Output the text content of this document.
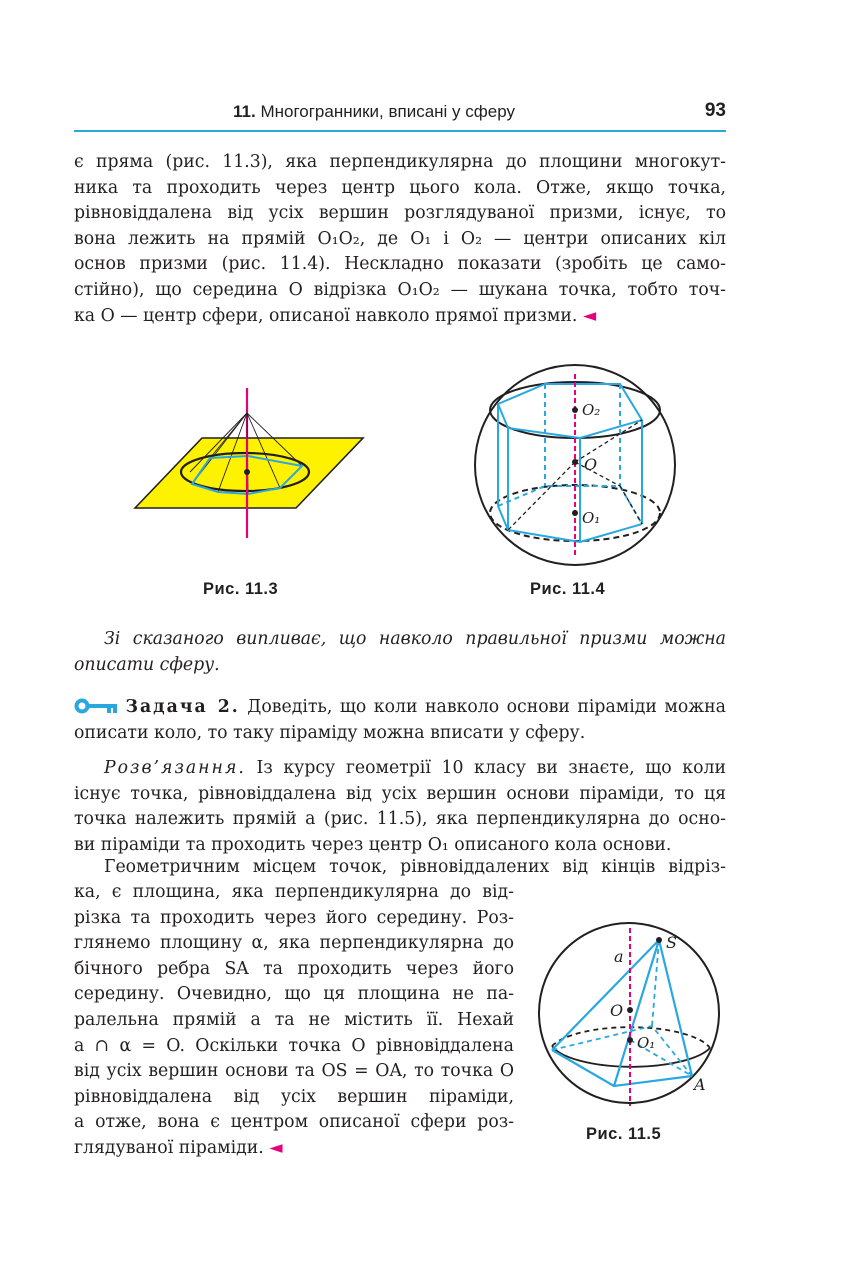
11. Многогранники, вписані у сферу	93
є пряма (рис. 11.3), яка перпендикулярна до площини многокут-
ника та проходить через центр цього кола. Отже, якщо точка,
рівновіддалена від усіх вершин розглядуваної призми, існує, то
вона лежить на прямій O₁O₂, де O₁ і O₂ — центри описаних кіл
основ призми (рис. 11.4). Нескладно показати (зробіть це само-
стійно), що середина O відрізка O₁O₂ — шукана точка, тобто точ-
ка O — центр сфери, описаної навколо прямої призми. ◄
Рис. 11.3
O₂
O
O₁
Рис. 11.4
Зі сказаного випливає, що навколо правильної призми можна
описати сферу.
Задача 2. Доведіть, що коли навколо основи піраміди можна
описати коло, то таку піраміду можна вписати у сферу.
Розв’язання. Із курсу геометрії 10 класу ви знаєте, що коли
існує точка, рівновіддалена від усіх вершин основи піраміди, то ця
точка належить прямій a (рис. 11.5), яка перпендикулярна до осно-
ви піраміди та проходить через центр O₁ описаного кола основи.
Геометричним місцем точок, рівновіддалених від кінців відріз-
ка, є площина, яка перпендикулярна до від-
різка та проходить через його середину. Роз-
глянемо площину α, яка перпендикулярна до
бічного ребра SA та проходить через його
середину. Очевидно, що ця площина не па-
ралельна прямій a та не містить її. Нехай
a ∩ α = O. Оскільки точка O рівновіддалена
від усіх вершин основи та OS = OA, то точка O
рівновіддалена від усіх вершин піраміди,
а отже, вона є центром описаної сфери роз-
глядуваної піраміди. ◄
a
S
O
O₁
A
Рис. 11.5
